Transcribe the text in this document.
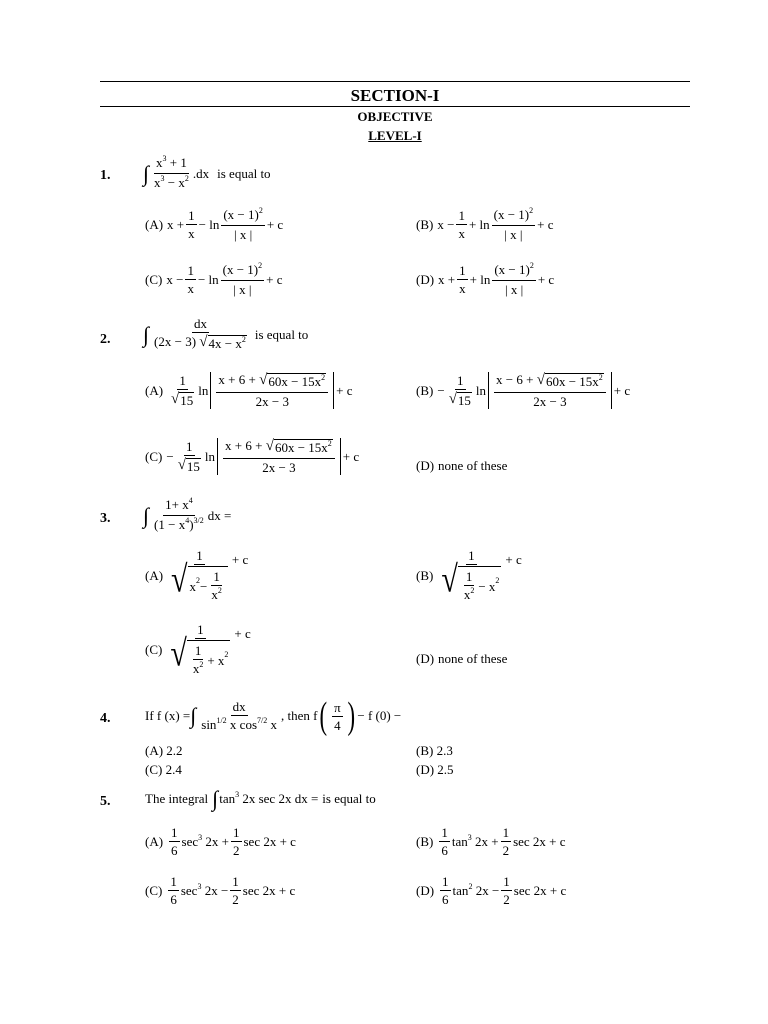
SECTION-I
OBJECTIVE
LEVEL-I
1. ∫ $\frac{x^3 + 1}{x^3 - x^2} .dx$ is equal to
(A) $x + \frac{1}{x} - \ln \frac{(x - 1)^2}{| x |} + c$	(B) $x - \frac{1}{x} + \ln \frac{(x - 1)^2}{| x |} + c$
(C) $x - \frac{1}{x} - \ln \frac{(x - 1)^2}{| x |} + c$	(D) $x + \frac{1}{x} + \ln \frac{(x - 1)^2}{| x |} + c$
2. ∫ $\frac{dx}{(2x - 3) √ 4x - x^2}$ is equal to
$(A) \frac{1}{√ 15}$ $\ln \frac{x + 6 + √ 60x - 15x^2}{2x - 3} + c$	$(B) - \frac{1}{√ 15}$ $\ln \frac{x - 6 + √ 60x - 15x^2}{2x - 3} + c$
$(C) - \frac{1}{√ 15}$ $\ln \frac{x + 6 + √ 60x - 15x^2}{2x - 3} + c$
(D) none of these
3. ∫ $\frac{1+ x^4}{(1 - x^4)^{3/2}}$ dx =
$(A) \frac{1}{√ x 2 - \frac{1}{x^2}} + c$
$(B) \frac{1}{√ \frac{1}{x^2} - x 2} + c$
$(C) \frac{1}{√ \frac{1}{x^2} + x 2} + c$
(D) none of these
4.	If f (x) = ∫ $\frac{dx}{\sin^{1/2} x \cos^{7/2} x}$ , then f ( $\frac{\pi}{4}$ ) − f (0) −
(A) 2.2	(B) 2.3
(C) 2.4	(D) 2.5
5.	The integral ∫ $\tan^3 2x$ sec 2x dx = is equal to
$(A) \frac{1}{6} \sec^3 2x + \frac{1}{2}$ sec 2x + c	$(B) \frac{1}{6} \tan^3 2x + \frac{1}{2}$ sec 2x + c
$(C) \frac{1}{6} \sec^3 2x - \frac{1}{2}$ sec 2x + c	$(D) \frac{1}{6} \tan^2 2x - \frac{1}{2}$ sec 2x + c
